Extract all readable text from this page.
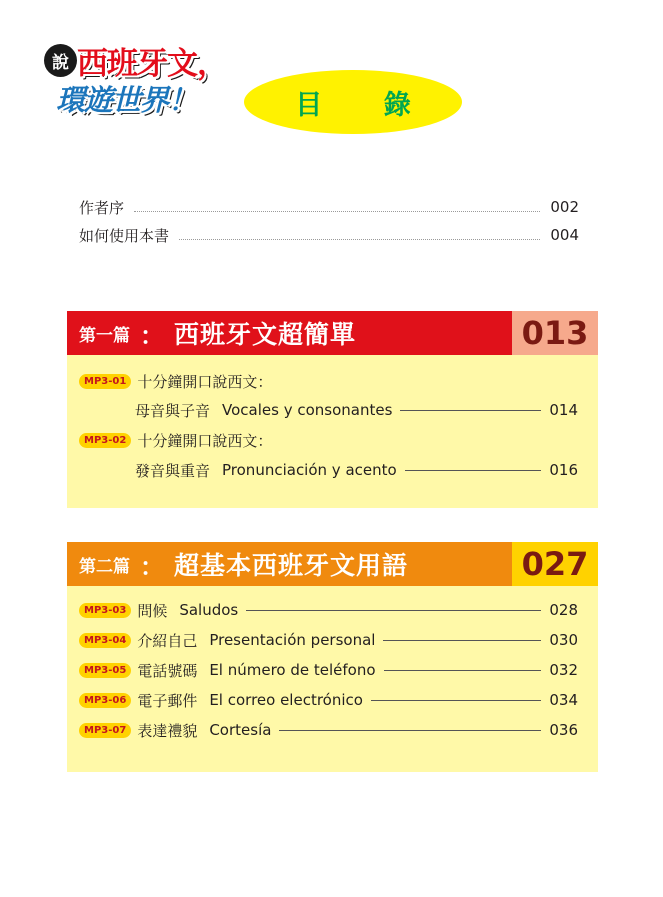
說 西班牙文，
環遊世界！	目 錄
作者序	002
如何使用本書	004
第一篇 ： 西班牙文超簡單	013
MP3-01 十分鐘開口說西文：
母音與子音 Vocales y consonantes	014
MP3-02 十分鐘開口說西文：
發音與重音 Pronunciación y acento	016
第二篇 ： 超基本西班牙文用語	027
MP3-03 問候 Saludos	028
MP3-04 介紹自己 Presentación personal	030
MP3-05 電話號碼 El número de teléfono	032
MP3-06 電子郵件 El correo electrónico	034
MP3-07 表達禮貌 Cortesía	036
